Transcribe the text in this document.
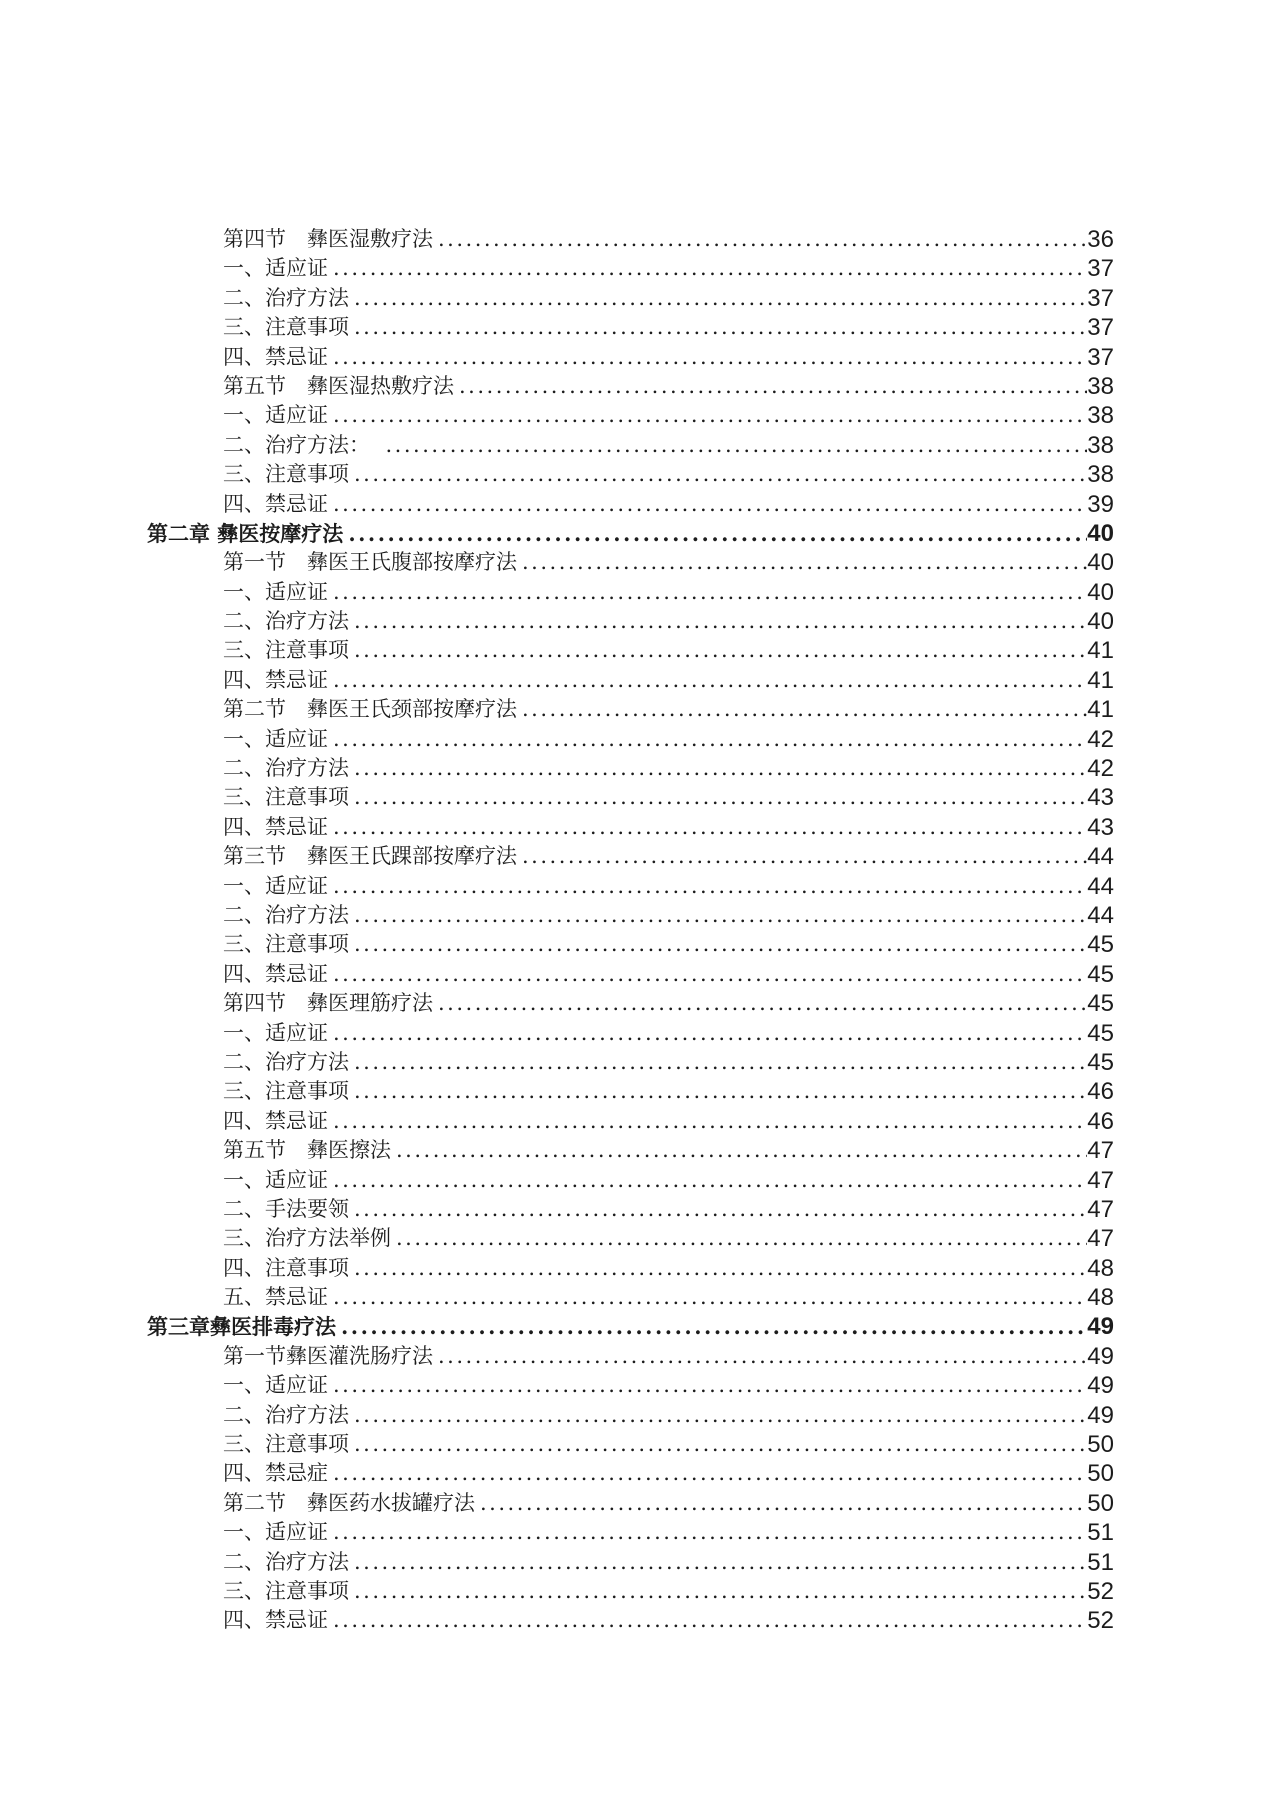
第四节　彝医湿敷疗法 .....	36
一、适应证 .....	37
二、治疗方法 .....	37
三、注意事项 .....	37
四、禁忌证 .....	37
第五节　彝医湿热敷疗法 .....	38
一、适应证 .....	38
二、治疗方法：　 .....	38
三、注意事项 .....	38
四、禁忌证 .....	39
第二章 彝医按摩疗法 .....	40
第一节　彝医王氏腹部按摩疗法 .....	40
一、适应证 .....	40
二、治疗方法 .....	40
三、注意事项 .....	41
四、禁忌证 .....	41
第二节　彝医王氏颈部按摩疗法 .....	41
一、适应证 .....	42
二、治疗方法 .....	42
三、注意事项 .....	43
四、禁忌证 .....	43
第三节　彝医王氏踝部按摩疗法 .....	44
一、适应证 .....	44
二、治疗方法 .....	44
三、注意事项 .....	45
四、禁忌证 .....	45
第四节　彝医理筋疗法 .....	45
一、适应证 .....	45
二、治疗方法 .....	45
三、注意事项 .....	46
四、禁忌证 .....	46
第五节　彝医擦法 .....	47
一、适应证 .....	47
二、手法要领 .....	47
三、治疗方法举例 .....	47
四、注意事项 .....	48
五、禁忌证 .....	48
第三章彝医排毒疗法 .....	49
第一节彝医灌洗肠疗法 .....	49
一、适应证 .....	49
二、治疗方法 .....	49
三、注意事项 .....	50
四、禁忌症 .....	50
第二节　彝医药水拔罐疗法 .....	50
一、适应证 .....	51
二、治疗方法 .....	51
三、注意事项 .....	52
四、禁忌证 .....	52
